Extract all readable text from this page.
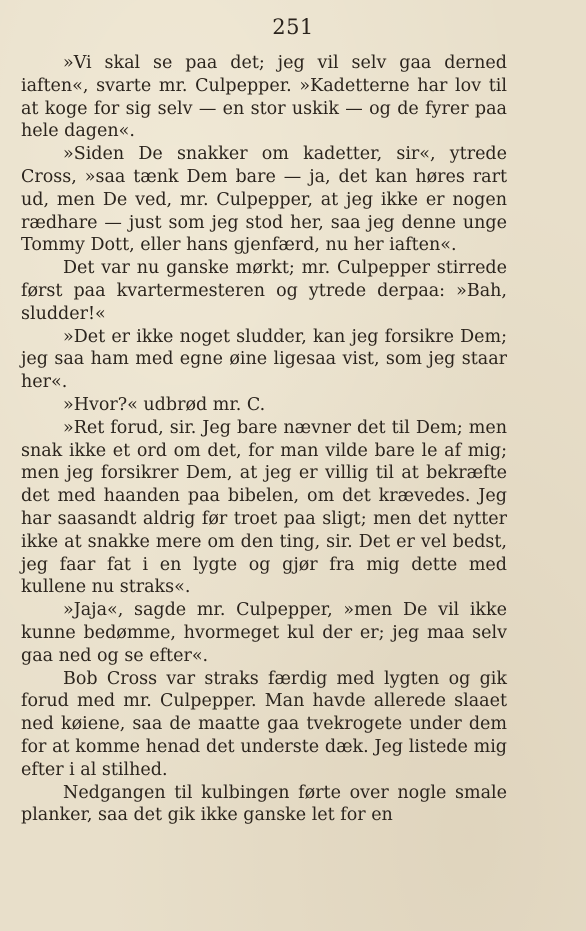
251

»Vi skal se paa det; jeg vil selv gaa derned iaften«, svarte mr. Culpepper. »Kadetterne har lov til at koge for sig selv — en stor uskik — og de fyrer paa hele dagen«.

»Siden De snakker om kadetter, sir«, ytrede Cross, »saa tænk Dem bare — ja, det kan høres rart ud, men De ved, mr. Culpepper, at jeg ikke er nogen rædhare — just som jeg stod her, saa jeg denne unge Tommy Dott, eller hans gjenfærd, nu her iaften«.

Det var nu ganske mørkt; mr. Culpepper stirrede først paa kvartermesteren og ytrede derpaa: »Bah, sludder!«

»Det er ikke noget sludder, kan jeg forsikre Dem; jeg saa ham med egne øine ligesaa vist, som jeg staar her«.

»Hvor?« udbrød mr. C.

»Ret forud, sir. Jeg bare nævner det til Dem; men snak ikke et ord om det, for man vilde bare le af mig; men jeg forsikrer Dem, at jeg er villig til at bekræfte det med haanden paa bibelen, om det krævedes. Jeg har saasandt aldrig før troet paa sligt; men det nytter ikke at snakke mere om den ting, sir. Det er vel bedst, jeg faar fat i en lygte og gjør fra mig dette med kullene nu straks«.

»Jaja«, sagde mr. Culpepper, »men De vil ikke kunne bedømme, hvormeget kul der er; jeg maa selv gaa ned og se efter«.

Bob Cross var straks færdig med lygten og gik forud med mr. Culpepper. Man havde allerede slaaet ned køiene, saa de maatte gaa tvekrogete under dem for at komme henad det underste dæk. Jeg listede mig efter i al stilhed.

Nedgangen til kulbingen førte over nogle smale planker, saa det gik ikke ganske let for en
